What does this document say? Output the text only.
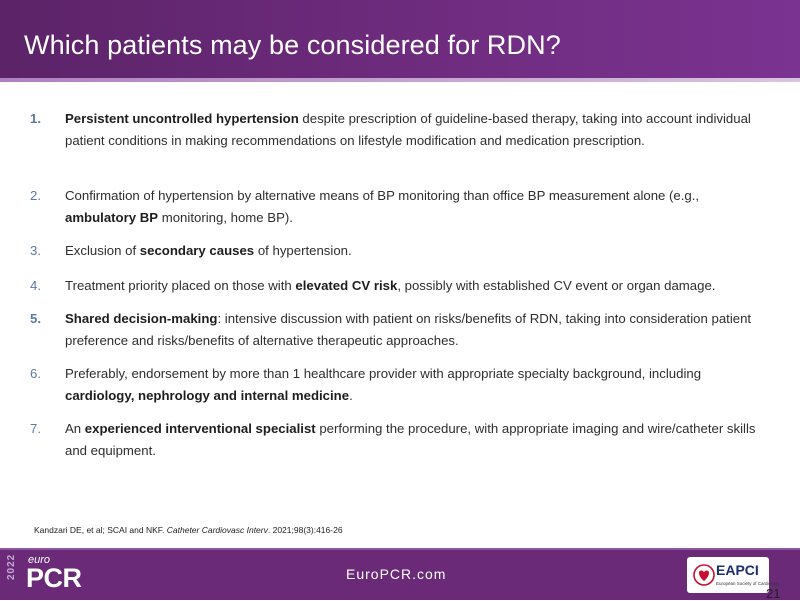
Which patients may be considered for RDN?
1.	Persistent uncontrolled hypertension despite prescription of guideline-based therapy, taking into account individual patient conditions in making recommendations on lifestyle modification and medication prescription.
2.	Confirmation of hypertension by alternative means of BP monitoring than office BP measurement alone (e.g., ambulatory BP monitoring, home BP).
3.	Exclusion of secondary causes of hypertension.
4.	Treatment priority placed on those with elevated CV risk, possibly with established CV event or organ damage.
5.	Shared decision-making: intensive discussion with patient on risks/benefits of RDN, taking into consideration patient preference and risks/benefits of alternative therapeutic approaches.
6.	Preferably, endorsement by more than 1 healthcare provider with appropriate specialty background, including cardiology, nephrology and internal medicine.
7.	An experienced interventional specialist performing the procedure, with appropriate imaging and wire/catheter skills and equipment.
Kandzari DE, et al; SCAI and NKF. Catheter Cardiovasc Interv. 2021;98(3):416-26
2022 euro
PCR	EuroPCR.com	EAPCI
European Society of Cardiology
21
